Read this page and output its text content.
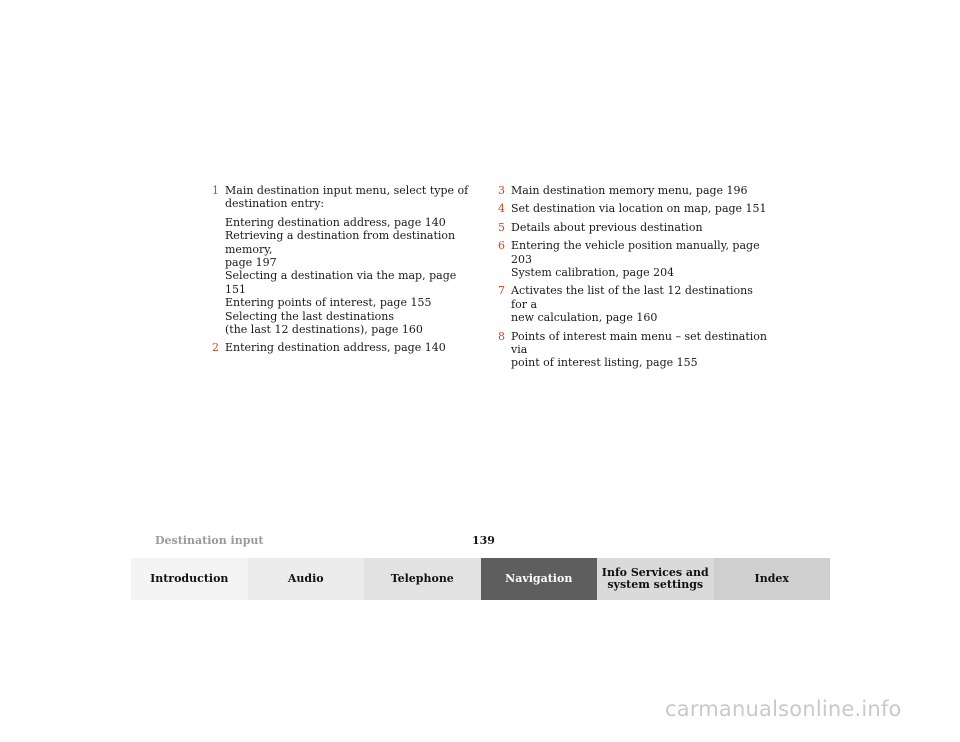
1 Main destination input menu, select type of
destination entry:
Entering destination address, page 140
Retrieving a destination from destination memory,
page 197
Selecting a destination via the map, page 151
Entering points of interest, page 155
Selecting the last destinations
(the last 12 destinations), page 160
2 Entering destination address, page 140
3 Main destination memory menu, page 196
4 Set destination via location on map, page 151
5 Details about previous destination
6 Entering the vehicle position manually, page 203
System calibration, page 204
7 Activates the list of the last 12 destinations for a
new calculation, page 160
8 Points of interest main menu – set destination via
point of interest listing, page 155
Destination input	139
Introduction	Audio	Telephone	Navigation	Info Services and
system settings	Index
carmanualsonline.info
